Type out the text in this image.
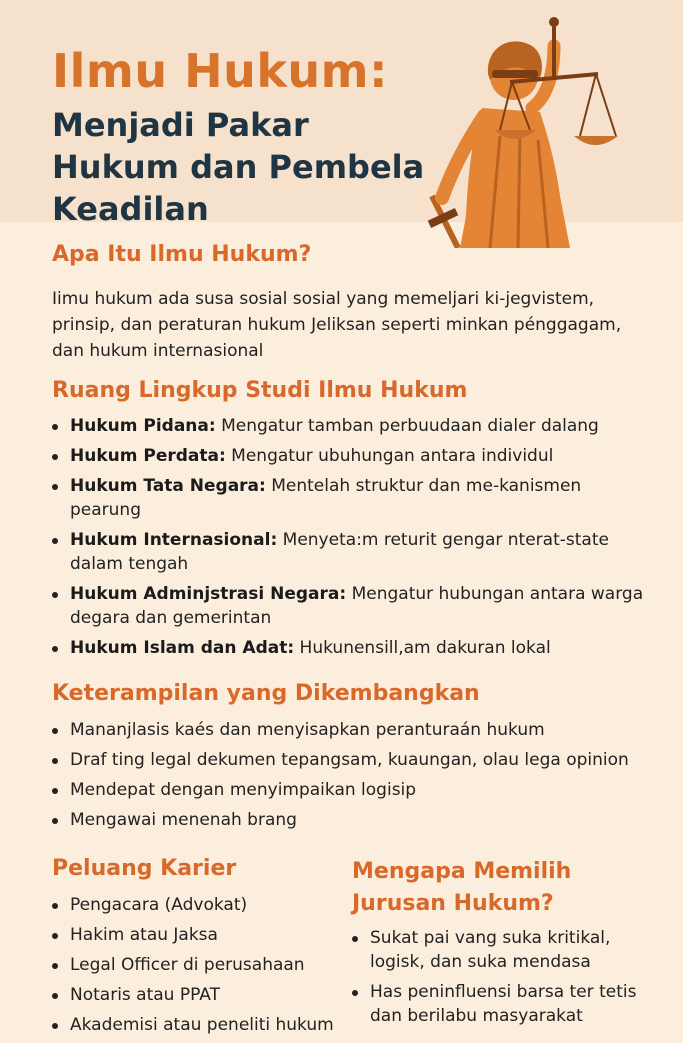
Ilmu Hukum:
Menjadi Pakar Hukum dan Pembela Keadilan
Apa Itu Ilmu Hukum?

Iimu hukum ada susa sosial sosial yang memeljari ki-jegvistem, prinsip, dan peraturan hukum Jeliksan seperti minkan pénggagam, dan hukum internasional

Ruang Lingkup Studi Ilmu Hukum
Hukum Pidana: Mengatur tamban perbuudaan dialer dalang
Hukum Perdata: Mengatur ubuhungan antara individul
Hukum Tata Negara: Mentelah struktur dan me-kanismen pearung
Hukum Internasional: Menyeta:m returit gengar nterat-state dalam tengah
Hukum Adminjstrasi Negara: Mengatur hubungan antara warga degara dan gemerintan
Hukum Islam dan Adat: Hukunensill,am dakuran lokal
Keterampilan yang Dikembangkan
Mananjlasis kaés dan menyisapkan peranturaán hukum
Draf ting legal dekumen tepangsam, kuaungan, olau lega opinion
Mendepat dengan menyimpaikan logisip
Mengawai menenah brang
Peluang Karier
Pengacara (Advokat)
Hakim atau Jaksa
Legal Officer di perusahaan
Notaris atau PPAT
Akademisi atau peneliti hukum
Mengapa Memilih Jurusan Hukum?
Sukat pai vang suka kritikal, logisk, dan suka mendasa
Has peninfluensi barsa ter tetis dan berilabu masyarakat
